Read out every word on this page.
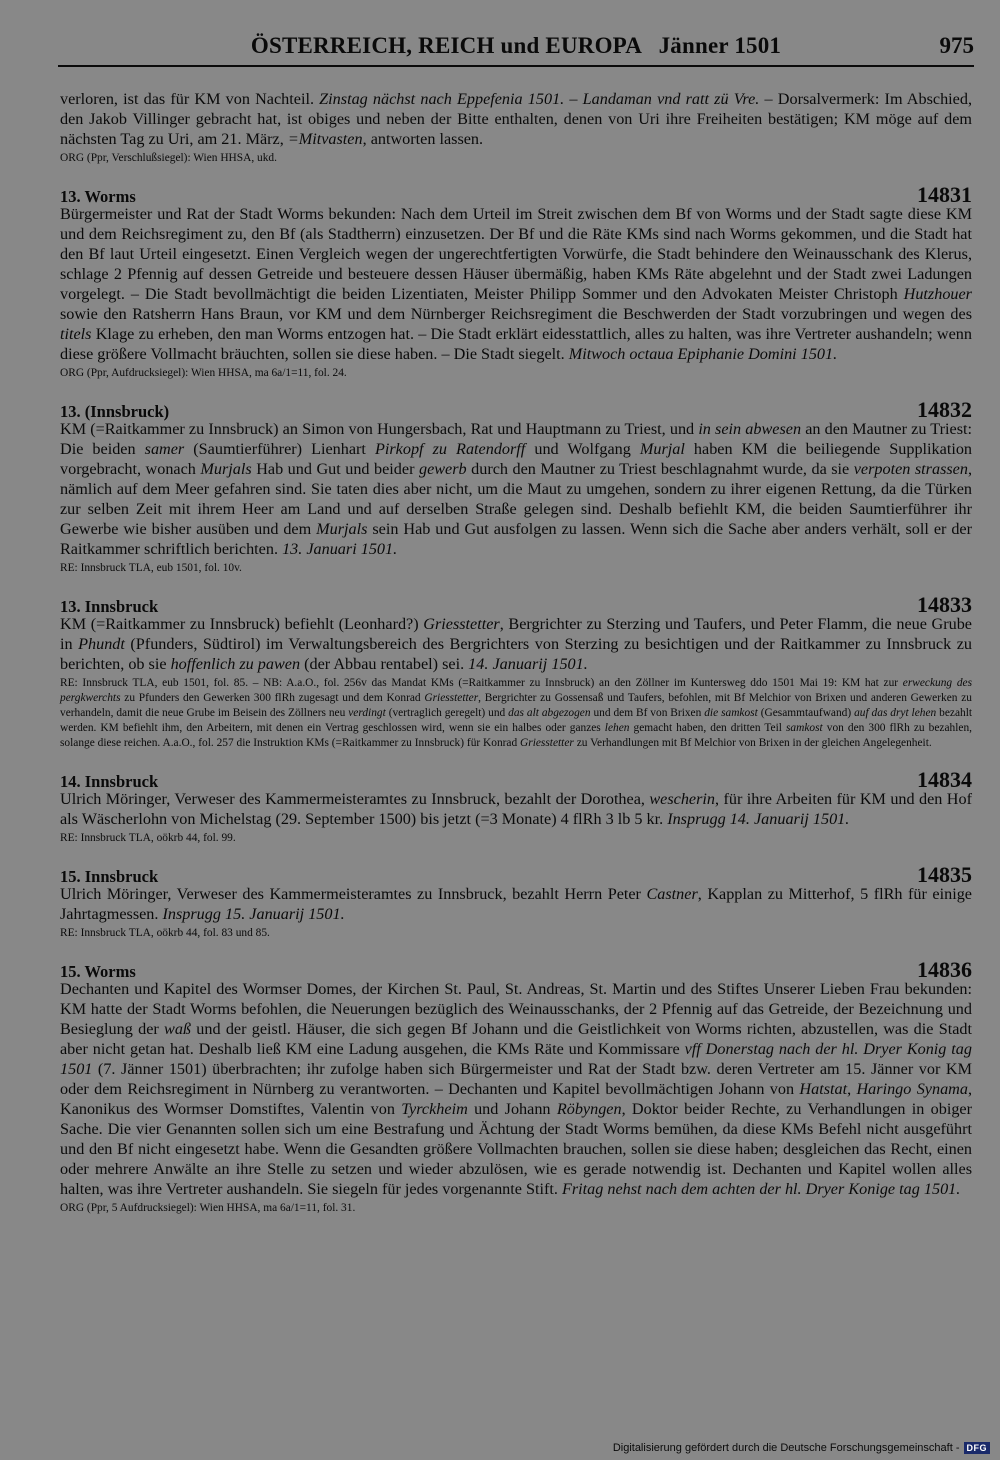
ÖSTERREICH, REICH und EUROPA   Jänner 1501	975

verloren, ist das für KM von Nachteil. Zinstag nächst nach Eppefenia 1501. – Landaman vnd ratt zü Vre. – Dorsalvermerk: Im Abschied, den Jakob Villinger gebracht hat, ist obiges und neben der Bitte enthalten, denen von Uri ihre Freiheiten bestätigen; KM möge auf dem nächsten Tag zu Uri, am 21. März, =Mitvasten, antworten lassen.

ORG (Ppr, Verschlußsiegel): Wien HHSA, ukd.
13. Worms	14831

Bürgermeister und Rat der Stadt Worms bekunden: Nach dem Urteil im Streit zwischen dem Bf von Worms und der Stadt sagte diese KM und dem Reichsregiment zu, den Bf (als Stadtherrn) einzusetzen. Der Bf und die Räte KMs sind nach Worms gekommen, und die Stadt hat den Bf laut Urteil eingesetzt. Einen Vergleich wegen der ungerechtfertigten Vorwürfe, die Stadt behindere den Weinausschank des Klerus, schlage 2 Pfennig auf dessen Getreide und besteuere dessen Häuser übermäßig, haben KMs Räte abgelehnt und der Stadt zwei Ladungen vorgelegt. – Die Stadt bevollmächtigt die beiden Lizentiaten, Meister Philipp Sommer und den Advokaten Meister Christoph Hutzhouer sowie den Ratsherrn Hans Braun, vor KM und dem Nürnberger Reichsregiment die Beschwerden der Stadt vorzubringen und wegen des titels Klage zu erheben, den man Worms entzogen hat. – Die Stadt erklärt eidesstattlich, alles zu halten, was ihre Vertreter aushandeln; wenn diese größere Vollmacht bräuchten, sollen sie diese haben. – Die Stadt siegelt. Mitwoch octaua Epiphanie Domini 1501.

ORG (Ppr, Aufdrucksiegel): Wien HHSA, ma 6a/1=11, fol. 24.
13. (Innsbruck)	14832

KM (=Raitkammer zu Innsbruck) an Simon von Hungersbach, Rat und Hauptmann zu Triest, und in sein abwesen an den Mautner zu Triest: Die beiden samer (Saumtierführer) Lienhart Pirkopf zu Ratendorff und Wolfgang Murjal haben KM die beiliegende Supplikation vorgebracht, wonach Murjals Hab und Gut und beider gewerb durch den Mautner zu Triest beschlagnahmt wurde, da sie verpoten strassen, nämlich auf dem Meer gefahren sind. Sie taten dies aber nicht, um die Maut zu umgehen, sondern zu ihrer eigenen Rettung, da die Türken zur selben Zeit mit ihrem Heer am Land und auf derselben Straße gelegen sind. Deshalb befiehlt KM, die beiden Saumtierführer ihr Gewerbe wie bisher ausüben und dem Murjals sein Hab und Gut ausfolgen zu lassen. Wenn sich die Sache aber anders verhält, soll er der Raitkammer schriftlich berichten. 13. Januari 1501.

RE: Innsbruck TLA, eub 1501, fol. 10v.
13. Innsbruck	14833

KM (=Raitkammer zu Innsbruck) befiehlt (Leonhard?) Griesstetter, Bergrichter zu Sterzing und Taufers, und Peter Flamm, die neue Grube in Phundt (Pfunders, Südtirol) im Verwaltungsbereich des Bergrichters von Sterzing zu besichtigen und der Raitkammer zu Innsbruck zu berichten, ob sie hoffenlich zu pawen (der Abbau rentabel) sei. 14. Januarij 1501.

RE: Innsbruck TLA, eub 1501, fol. 85. – NB: A.a.O., fol. 256v das Mandat KMs (=Raitkammer zu Innsbruck) an den Zöllner im Kuntersweg ddo 1501 Mai 19: KM hat zur erweckung des pergkwerchts zu Pfunders den Gewerken 300 flRh zugesagt und dem Konrad Griesstetter, Bergrichter zu Gossensaß und Taufers, befohlen, mit Bf Melchior von Brixen und anderen Gewerken zu verhandeln, damit die neue Grube im Beisein des Zöllners neu verdingt (vertraglich geregelt) und das alt abgezogen und dem Bf von Brixen die samkost (Gesammtaufwand) auf das dryt lehen bezahlt werden. KM befiehlt ihm, den Arbeitern, mit denen ein Vertrag geschlossen wird, wenn sie ein halbes oder ganzes lehen gemacht haben, den dritten Teil samkost von den 300 flRh zu bezahlen, solange diese reichen. A.a.O., fol. 257 die Instruktion KMs (=Raitkammer zu Innsbruck) für Konrad Griesstetter zu Verhandlungen mit Bf Melchior von Brixen in der gleichen Angelegenheit.
14. Innsbruck	14834

Ulrich Möringer, Verweser des Kammermeisteramtes zu Innsbruck, bezahlt der Dorothea, wescherin, für ihre Arbeiten für KM und den Hof als Wäscherlohn von Michelstag (29. September 1500) bis jetzt (=3 Monate) 4 flRh 3 lb 5 kr. Insprugg 14. Januarij 1501.

RE: Innsbruck TLA, oökrb 44, fol. 99.
15. Innsbruck	14835

Ulrich Möringer, Verweser des Kammermeisteramtes zu Innsbruck, bezahlt Herrn Peter Castner, Kapplan zu Mitterhof, 5 flRh für einige Jahrtagmessen. Insprugg 15. Januarij 1501.

RE: Innsbruck TLA, oökrb 44, fol. 83 und 85.
15. Worms	14836

Dechanten und Kapitel des Wormser Domes, der Kirchen St. Paul, St. Andreas, St. Martin und des Stiftes Unserer Lieben Frau bekunden: KM hatte der Stadt Worms befohlen, die Neuerungen bezüglich des Weinausschanks, der 2 Pfennig auf das Getreide, der Bezeichnung und Besieglung der waß und der geistl. Häuser, die sich gegen Bf Johann und die Geistlichkeit von Worms richten, abzustellen, was die Stadt aber nicht getan hat. Deshalb ließ KM eine Ladung ausgehen, die KMs Räte und Kommissare vff Donerstag nach der hl. Dryer Konig tag 1501 (7. Jänner 1501) überbrachten; ihr zufolge haben sich Bürgermeister und Rat der Stadt bzw. deren Vertreter am 15. Jänner vor KM oder dem Reichsregiment in Nürnberg zu verantworten. – Dechanten und Kapitel bevollmächtigen Johann von Hatstat, Haringo Synama, Kanonikus des Wormser Domstiftes, Valentin von Tyrckheim und Johann Röbyngen, Doktor beider Rechte, zu Verhandlungen in obiger Sache. Die vier Genannten sollen sich um eine Bestrafung und Ächtung der Stadt Worms bemühen, da diese KMs Befehl nicht ausgeführt und den Bf nicht eingesetzt habe. Wenn die Gesandten größere Vollmachten brauchen, sollen sie diese haben; desgleichen das Recht, einen oder mehrere Anwälte an ihre Stelle zu setzen und wieder abzulösen, wie es gerade notwendig ist. Dechanten und Kapitel wollen alles halten, was ihre Vertreter aushandeln. Sie siegeln für jedes vorgenannte Stift. Fritag nehst nach dem achten der hl. Dryer Konige tag 1501.

ORG (Ppr, 5 Aufdrucksiegel): Wien HHSA, ma 6a/1=11, fol. 31.
Digitalisierung gefördert durch die Deutsche Forschungsgemeinschaft - DFG
